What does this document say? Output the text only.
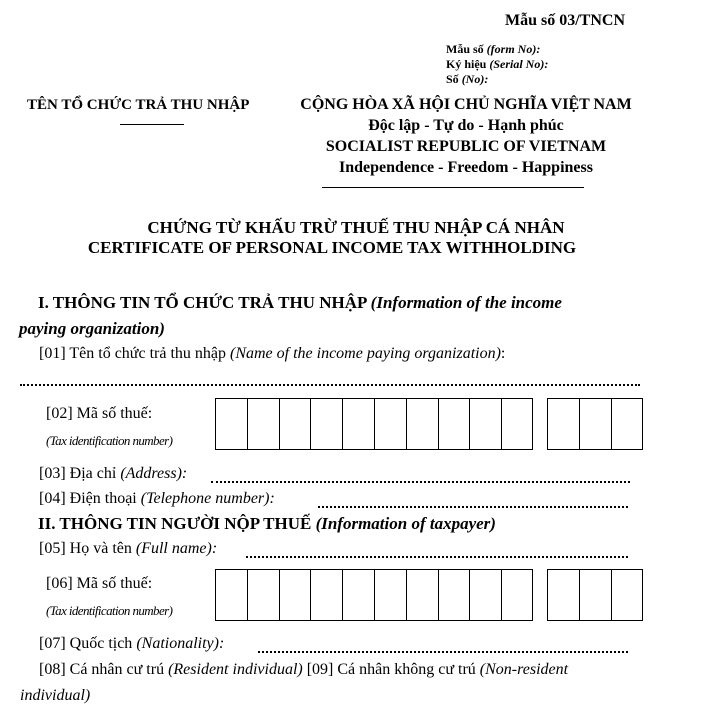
Mẫu số 03/TNCN
Mẫu số (form No):
Ký hiệu (Serial No):
Số (No):
TÊN TỔ CHỨC TRẢ THU NHẬP	CỘNG HÒA XÃ HỘI CHỦ NGHĨA VIỆT NAM
Độc lập - Tự do - Hạnh phúc
SOCIALIST REPUBLIC OF VIETNAM
Independence - Freedom - Happiness
CHỨNG TỪ KHẤU TRỪ THUẾ THU NHẬP CÁ NHÂN
CERTIFICATE OF PERSONAL INCOME TAX WITHHOLDING
I. THÔNG TIN TỔ CHỨC TRẢ THU NHẬP (Information of the income
paying organization)
[01] Tên tổ chức trả thu nhập (Name of the income paying organization):
[02] Mã số thuế:
(Tax identification number)
[03] Địa chỉ (Address):
[04] Điện thoại (Telephone number):
II. THÔNG TIN NGƯỜI NỘP THUẾ (Information of taxpayer)
[05] Họ và tên (Full name):
[06] Mã số thuế:
(Tax identification number)
[07] Quốc tịch (Nationality):
[08] Cá nhân cư trú (Resident individual) [09] Cá nhân không cư trú (Non-resident
individual)
